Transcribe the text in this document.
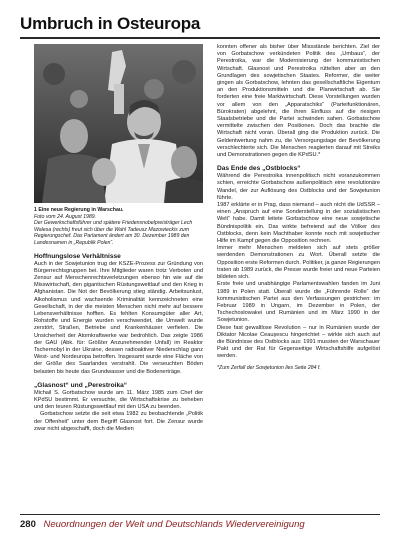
Umbruch in Osteuropa
1 Eine neue Regierung in Warschau.
Foto vom 24. August 1989.
Der Gewerkschaftsführer und spätere Friedensnobelpreisträger Lech Walesa (rechts) freut sich über die Wahl Tadeusz Mazowieckis zum Regierungschef. Das Parlament ändert am 30. Dezember 1989 den Landesnamen in „Republik Polen“.
Hoffnungslose Verhältnisse

Auch in der Sowjetunion trug der KSZE-Prozess zur Gründung von Bürgerrechtsgruppen bei. Ihre Mitglieder waren trotz Verboten und Zensur auf Menschenrechtsverletzungen ebenso hin wie auf die Misswirtschaft, den gigantischen Rüstungswettlauf und den Krieg in Afghanistan. Die Not der Bevölkerung stieg ständig. Arbeitsunlust, Alkoholismus und wachsende Kriminalität kennzeichneten eine Gesellschaft, in der die meisten Menschen nicht mehr auf bessere Lebensverhältnisse hofften. Es fehlten Konsumgüter aller Art, Rohstoffe und Energie wurden verschwendet, die Umwelt wurde zerstört, Straßen, Betriebe und Krankenhäuser verfielen. Die Unsicherheit der Atomkraftwerke war bedrohlich. Das zeigte 1986 der GAU (Abk. für: Größter Anzunehmender Unfall) im Reaktor Tschernobyl in der Ukraine, dessen radioaktiver Niederschlag ganz West- und Nordeuropa betroffen. Insgesamt wurde eine Fläche von der Größe des Saarlandes verstrahlt. Die verseuchten Böden belasten bis heute das Grundwasser und die Bodenerträge.

„Glasnost“ und „Perestroika“

Michail S. Gorbatschow wurde am 11. März 1985 zum Chef der KPdSU bestimmt. Er versuchte, die Wirtschaftskrise zu beheben und den teuren Rüstungswettlauf mit den USA zu beenden.

Gorbatschow setzte die seit etwa 1982 zu beobachtende „Politik der Offenheit“ unter dem Begriff Glasnost fort. Die Zensur wurde zwar nicht abgeschafft, doch die Medien

konnten offener als bisher über Missstände berichten. Ziel der von Gorbatschow verkündeten Politik des „Umbaus“, der Perestroika, war die Modernisierung der kommunistischen Wirtschaft. Glasnost und Perestroika rüttelten aber an den Grundlagen des sowjetischen Staates. Reformer, die weiter gingen als Gorbatschow, lehnten das gesellschaftliche Eigentum an den Produktionsmitteln und die Planwirtschaft ab. Sie forderten eine freie Marktwirtschaft. Diese Vorstellungen wurden vor allem von den „Apparatschiks“ (Parteifunktionären, Bürokraten) abgelehnt, die ihren Einfluss auf die riesigen Staatsbetriebe und die Partei schwinden sahen. Gorbatschow vermittelte zwischen den Positionen. Doch das brachte die Wirtschaft nicht voran. Überall ging die Produktion zurück. Die Geldentwertung nahm zu, die Versorgungslage der Bevölkerung verschlechterte sich. Die Menschen reagierten darauf mit Streiks und Demonstrationen gegen die KPdSU.*

Das Ende des „Ostblocks“

Während die Perestroika innenpolitisch nicht voranzukommen schien, erreichte Gorbatschow außenpolitisch eine revolutionäre Wandel, der zur Auflösung des Ostblocks und der Sowjetunion führte.

1987 erklärte er in Prag, dass niemand – auch nicht die UdSSR – einen „Anspruch auf eine Sonderstellung in der sozialistischen Welt“ habe. Damit leitete Gorbatschow eine neue sowjetische Bündnispolitik ein. Das wirkte befreiend auf die Völker des Ostblocks, denn kein Machthaber konnte noch mit sowjetischer Hilfe im Kampf gegen die Opposition rechnen.

Immer mehr Menschen meldeten sich auf stets größer werdenden Demonstrationen zu Wort. Überall setzte die Opposition erste Reformen durch. Politiker, ja ganze Regierungen traten ab 1989 zurück, die Presse wurde freier und neue Parteien bildeten sich.

Erste freie und unabhängige Parlamentswahlen fanden im Juni 1989 in Polen statt. Überall wurde die „Führende Rolle“ der kommunistischen Partei aus den Verfassungen gestrichen: im Februar 1989 in Ungarn, im Dezember in Polen, der Tschechoslowakei und Rumänien und im März 1990 in der Sowjetunion.

Diese fast gewaltlose Revolution – nur in Rumänien wurde der Diktator Nicolae Ceaușescu hingerichtet – wirkte sich auch auf die Bündnisse des Ostblocks aus: 1991 mussten der Warschauer Pakt und der Rat für Gegenseitige Wirtschaftshilfe aufgelöst werden.

*Zum Zerfall der Sowjetunion lies Seite 284 f.
280 Neuordnungen der Welt und Deutschlands Wiedervereinigung
